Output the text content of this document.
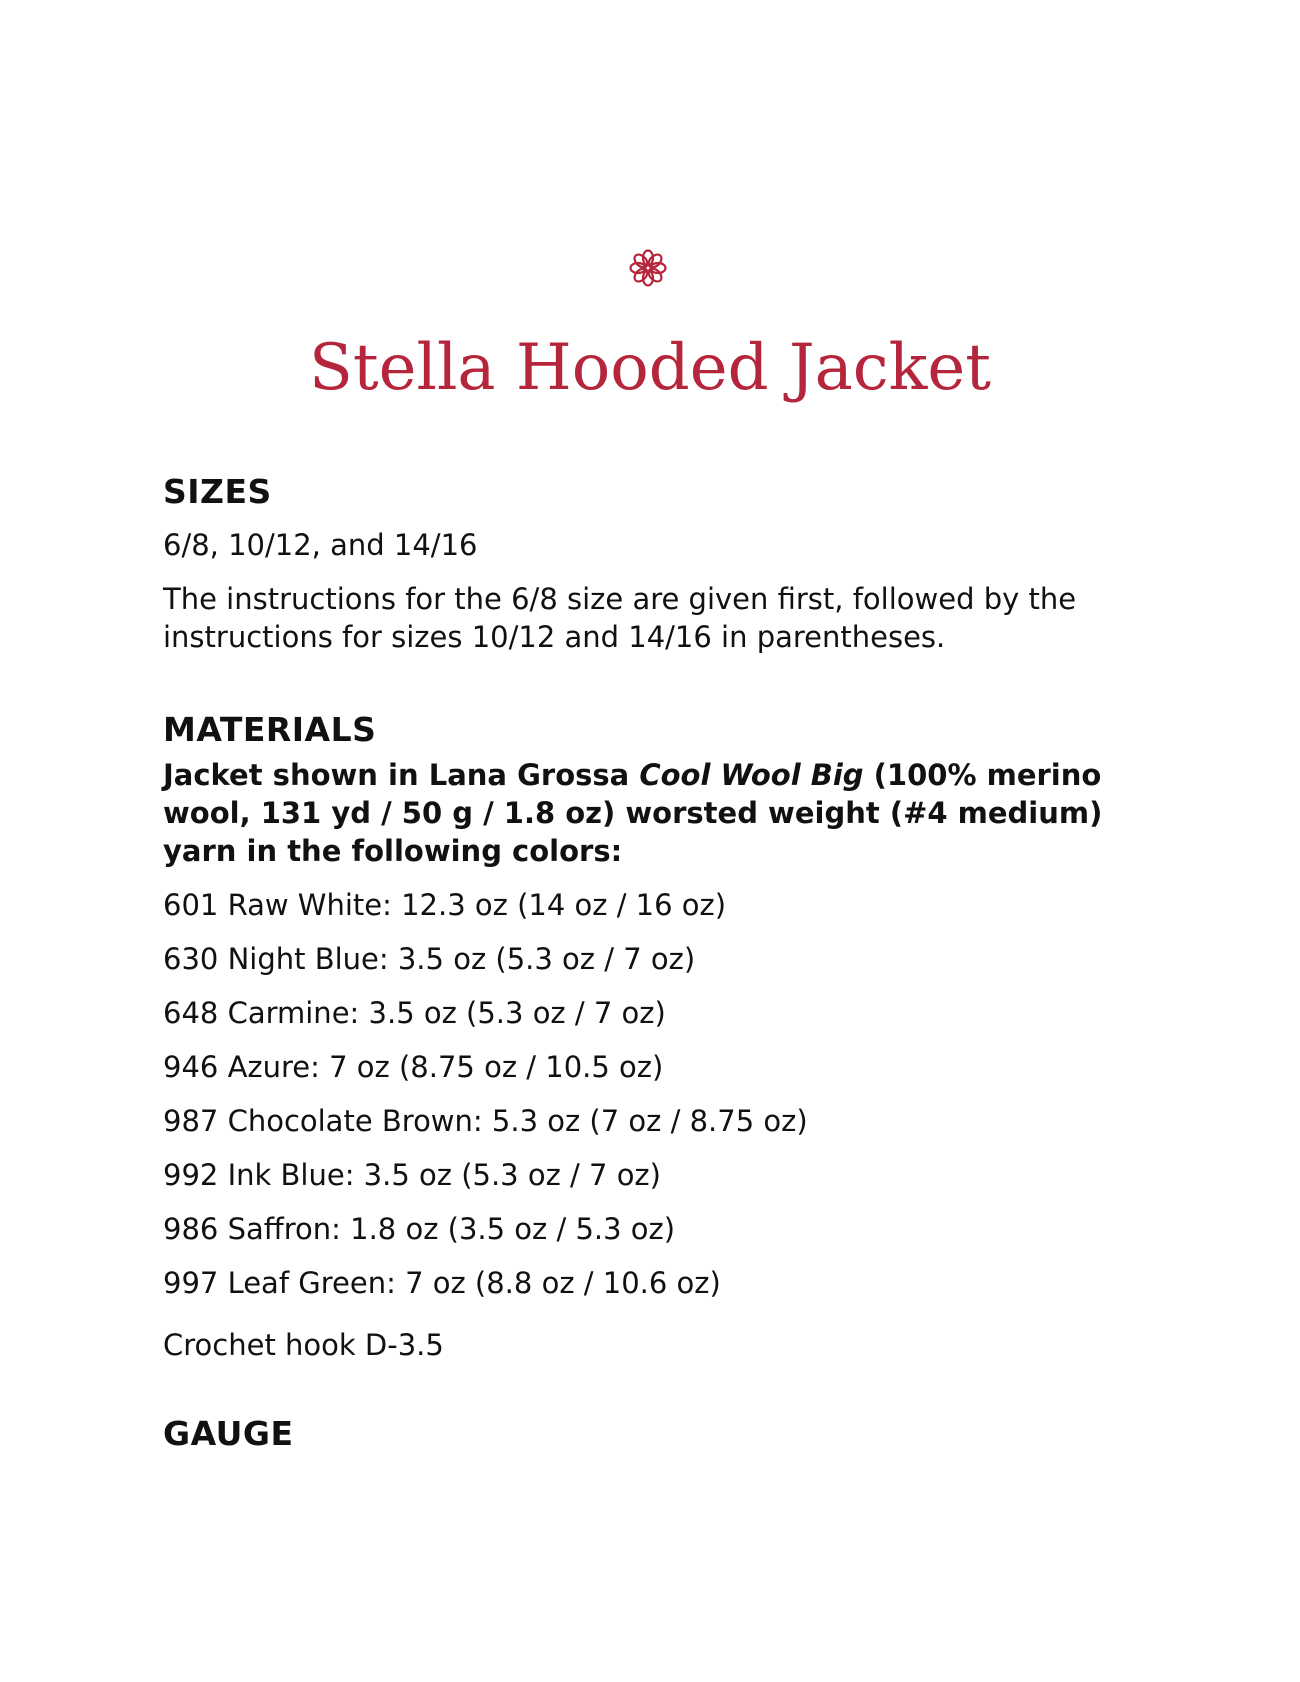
Stella Hooded Jacket
SIZES

6/8, 10/12, and 14/16

The instructions for the 6/8 size are given first, followed by the instructions for sizes 10/12 and 14/16 in parentheses.

MATERIALS

Jacket shown in Lana Grossa Cool Wool Big (100% merino wool, 131 yd / 50 g / 1.8 oz) worsted weight (#4 medium) yarn in the following colors:

601 Raw White: 12.3 oz (14 oz / 16 oz)
630 Night Blue: 3.5 oz (5.3 oz / 7 oz)
648 Carmine: 3.5 oz (5.3 oz / 7 oz)
946 Azure: 7 oz (8.75 oz / 10.5 oz)
987 Chocolate Brown: 5.3 oz (7 oz / 8.75 oz)
992 Ink Blue: 3.5 oz (5.3 oz / 7 oz)
986 Saffron: 1.8 oz (3.5 oz / 5.3 oz)
997 Leaf Green: 7 oz (8.8 oz / 10.6 oz)

Crochet hook D-3.5

GAUGE
